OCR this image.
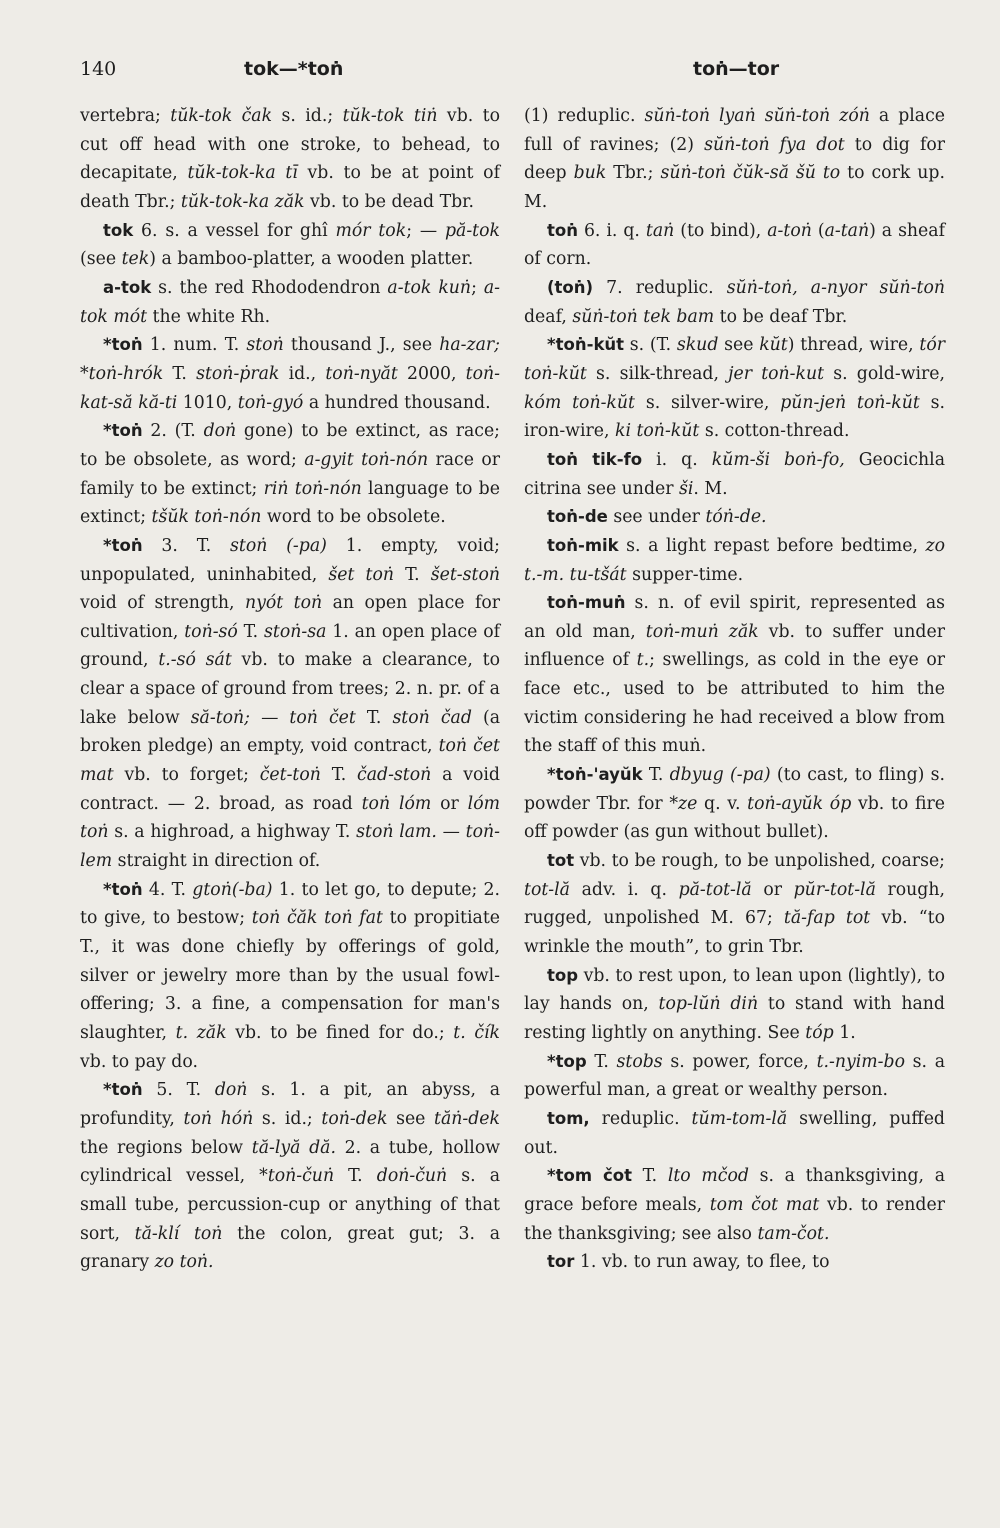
140	tok—*toṅ	toṅ—tor

vertebra; tŭk-tok čak s. id.; tŭk-tok tiṅ vb. to cut off head with one stroke, to behead, to decapitate, tŭk-tok-ka tī vb. to be at point of death Tbr.; tŭk-tok-ka zăk vb. to be dead Tbr.

tok 6. s. a vessel for ghî mór tok; — pă-tok (see tek) a bamboo-platter, a wooden platter.

a-tok s. the red Rhododendron a-tok kuṅ; a-tok mót the white Rh.

*toṅ 1. num. T. stoṅ thousand J., see ha-zar; *toṅ-hrók T. stoṅ-ṗrak id., toṅ-nyăt 2000, toṅ-kat-să kă-ti 1010, toṅ-gyó a hundred thousand.

*toṅ 2. (T. doṅ gone) to be extinct, as race; to be obsolete, as word; a-gyit toṅ-nón race or family to be extinct; riṅ toṅ-nón language to be extinct; tšŭk toṅ-nón word to be obsolete.

*toṅ 3. T. stoṅ (-pa) 1. empty, void; unpopulated, uninhabited, šet toṅ T. šet-stoṅ void of strength, nyót toṅ an open place for cultivation, toṅ-só T. stoṅ-sa 1. an open place of ground, t.-só sát vb. to make a clearance, to clear a space of ground from trees; 2. n. pr. of a lake below să-toṅ; — toṅ čet T. stoṅ čad (a broken pledge) an empty, void contract, toṅ čet mat vb. to forget; čet-toṅ T. čad-stoṅ a void contract. — 2. broad, as road toṅ lóm or lóm toṅ s. a highroad, a highway T. stoṅ lam. — toṅ-lem straight in direction of.

*toṅ 4. T. gtoṅ(-ba) 1. to let go, to depute; 2. to give, to bestow; toṅ čăk toṅ fat to propitiate T., it was done chiefly by offerings of gold, silver or jewelry more than by the usual fowl-offering; 3. a fine, a compensation for man's slaughter, t. zăk vb. to be fined for do.; t. čík vb. to pay do.

*toṅ 5. T. doṅ s. 1. a pit, an abyss, a profundity, toṅ hóṅ s. id.; toṅ-dek see tăṅ-dek the regions below tă-lyă dă. 2. a tube, hollow cylindrical vessel, *toṅ-čuṅ T. doṅ-čuṅ s. a small tube, percussion-cup or anything of that sort, tă-klí toṅ the colon, great gut; 3. a granary zo toṅ.

(1) reduplic. sŭṅ-toṅ lyaṅ sŭṅ-toṅ zóṅ a place full of ravines; (2) sŭṅ-toṅ fya dot to dig for deep buk Tbr.; sŭṅ-toṅ čŭk-să šŭ to to cork up. M.

toṅ 6. i. q. taṅ (to bind), a-toṅ (a-taṅ) a sheaf of corn.

(toṅ) 7. reduplic. sŭṅ-toṅ, a-nyor sŭṅ-toṅ deaf, sŭṅ-toṅ tek bam to be deaf Tbr.

*toṅ-kŭt s. (T. skud see kŭt) thread, wire, tór toṅ-kŭt s. silk-thread, jer toṅ-kut s. gold-wire, kóm toṅ-kŭt s. silver-wire, pŭn-jeṅ toṅ-kŭt s. iron-wire, ki toṅ-kŭt s. cotton-thread.

toṅ tik-fo i. q. kŭm-ši boṅ-fo, Geocichla citrina see under ši. M.

toṅ-de see under tóṅ-de.

toṅ-mik s. a light repast before bedtime, zo t.-m. tu-tšát supper-time.

toṅ-muṅ s. n. of evil spirit, represented as an old man, toṅ-muṅ zăk vb. to suffer under influence of t.; swellings, as cold in the eye or face etc., used to be attributed to him the victim considering he had received a blow from the staff of this muṅ.

*toṅ-'ayŭk T. dbyug (-pa) (to cast, to fling) s. powder Tbr. for *ze q. v. toṅ-ayŭk óp vb. to fire off powder (as gun without bullet).

tot vb. to be rough, to be unpolished, coarse; tot-lă adv. i. q. pă-tot-lă or pŭr-tot-lă rough, rugged, unpolished M. 67; tă-fap tot vb. “to wrinkle the mouth”, to grin Tbr.

top vb. to rest upon, to lean upon (lightly), to lay hands on, top-lŭṅ diṅ to stand with hand resting lightly on anything. See tóp 1.

*top T. stobs s. power, force, t.-nyim-bo s. a powerful man, a great or wealthy person.

tom, reduplic. tŭm-tom-lă swelling, puffed out.

*tom čot T. lto mčod s. a thanksgiving, a grace before meals, tom čot mat vb. to render the thanksgiving; see also tam-čot.

tor 1. vb. to run away, to flee, to
